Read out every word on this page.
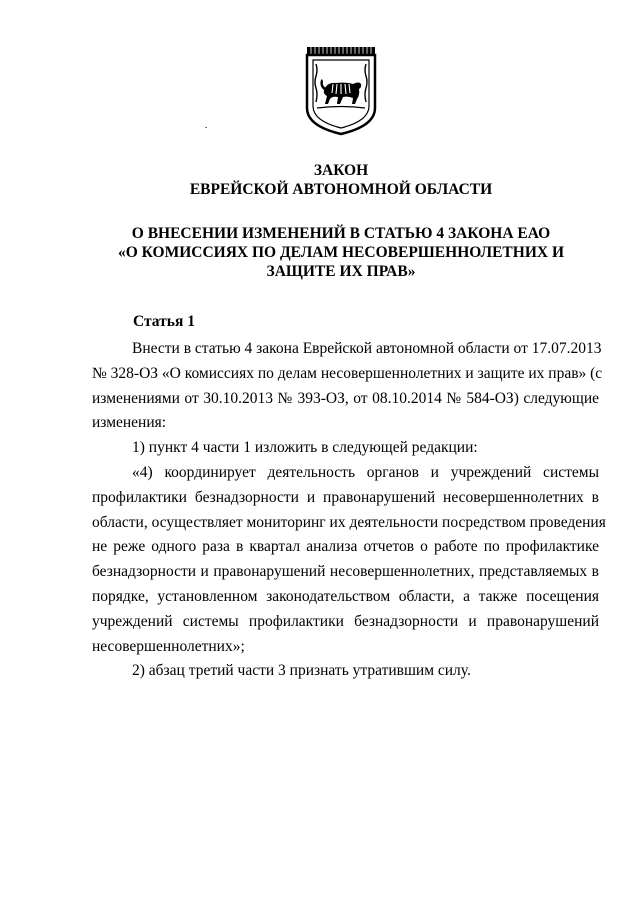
ЗАКОН
ЕВРЕЙСКОЙ АВТОНОМНОЙ ОБЛАСТИ
О ВНЕСЕНИИ ИЗМЕНЕНИЙ В СТАТЬЮ 4 ЗАКОНА ЕАО
«О КОМИССИЯХ ПО ДЕЛАМ НЕСОВЕРШЕННОЛЕТНИХ И
ЗАЩИТЕ ИХ ПРАВ»
Статья 1
Внести в статью 4 закона Еврейской автономной области от 17.07.2013
№ 328-ОЗ «О комиссиях по делам несовершеннолетних и защите их прав» (с
изменениями от 30.10.2013 № 393-ОЗ, от 08.10.2014 № 584-ОЗ) следующие
изменения:
1) пункт 4 части 1 изложить в следующей редакции:
«4) координирует деятельность органов и учреждений системы
профилактики безнадзорности и правонарушений несовершеннолетних в
области, осуществляет мониторинг их деятельности посредством проведения
не реже одного раза в квартал анализа отчетов о работе по профилактике
безнадзорности и правонарушений несовершеннолетних, представляемых в
порядке, установленном законодательством области, а также посещения
учреждений системы профилактики безнадзорности и правонарушений
несовершеннолетних»;
2) абзац третий части 3 признать утратившим силу.
